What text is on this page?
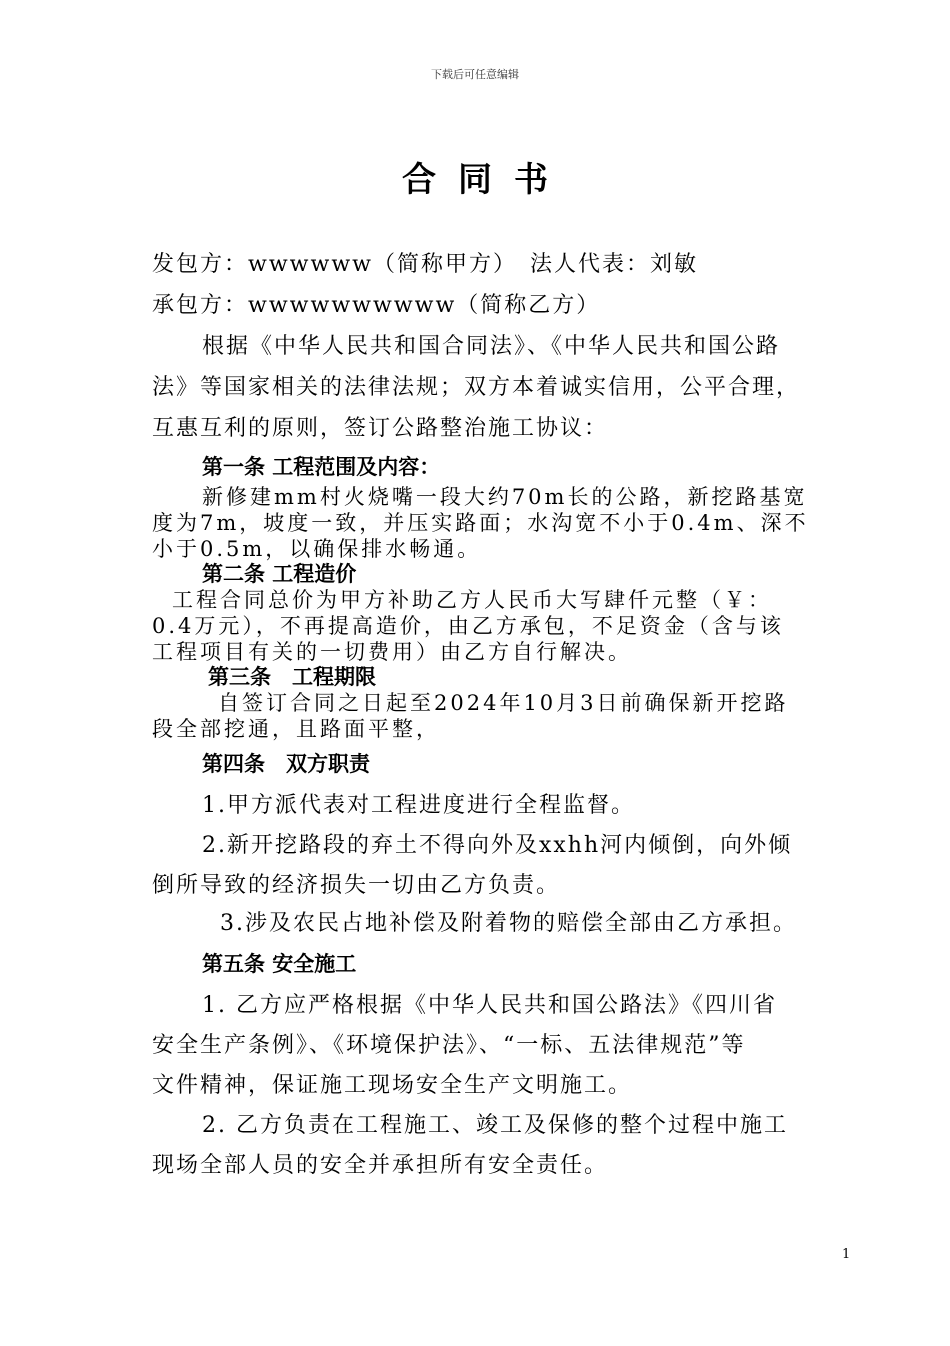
下载后可任意编辑
合同书
发包方：wwwwww（简称甲方）　法人代表：刘敏
承包方：wwwwwwwwww（简称乙方）
根据《中华人民共和国合同法》、《中华人民共和国公路
法》等国家相关的法律法规；双方本着诚实信用，公平合理，
互惠互利的原则，签订公路整治施工协议：
第一条 工程范围及内容：
新修建mm村火烧嘴一段大约70m长的公路，新挖路基宽
度为7m，坡度一致，并压实路面；水沟宽不小于0.4m、深不
小于0.5m，以确保排水畅通。
第二条 工程造价
工程合同总价为甲方补助乙方人民币大写肆仟元整（￥：
0.4万元），不再提高造价，由乙方承包，不足资金（含与该
工程项目有关的一切费用）由乙方自行解决。
第三条　工程期限
自签订合同之日起至2024年10月3日前确保新开挖路
段全部挖通，且路面平整，
第四条　双方职责
1.甲方派代表对工程进度进行全程监督。
2.新开挖路段的弃土不得向外及xxhh河内倾倒，向外倾
倒所导致的经济损失一切由乙方负责。
3.涉及农民占地补偿及附着物的赔偿全部由乙方承担。
第五条 安全施工
1. 乙方应严格根据《中华人民共和国公路法》《四川省
安全生产条例》、《环境保护法》、“一标、五法律规范”等
文件精神，保证施工现场安全生产文明施工。
2. 乙方负责在工程施工、竣工及保修的整个过程中施工
现场全部人员的安全并承担所有安全责任。
1
